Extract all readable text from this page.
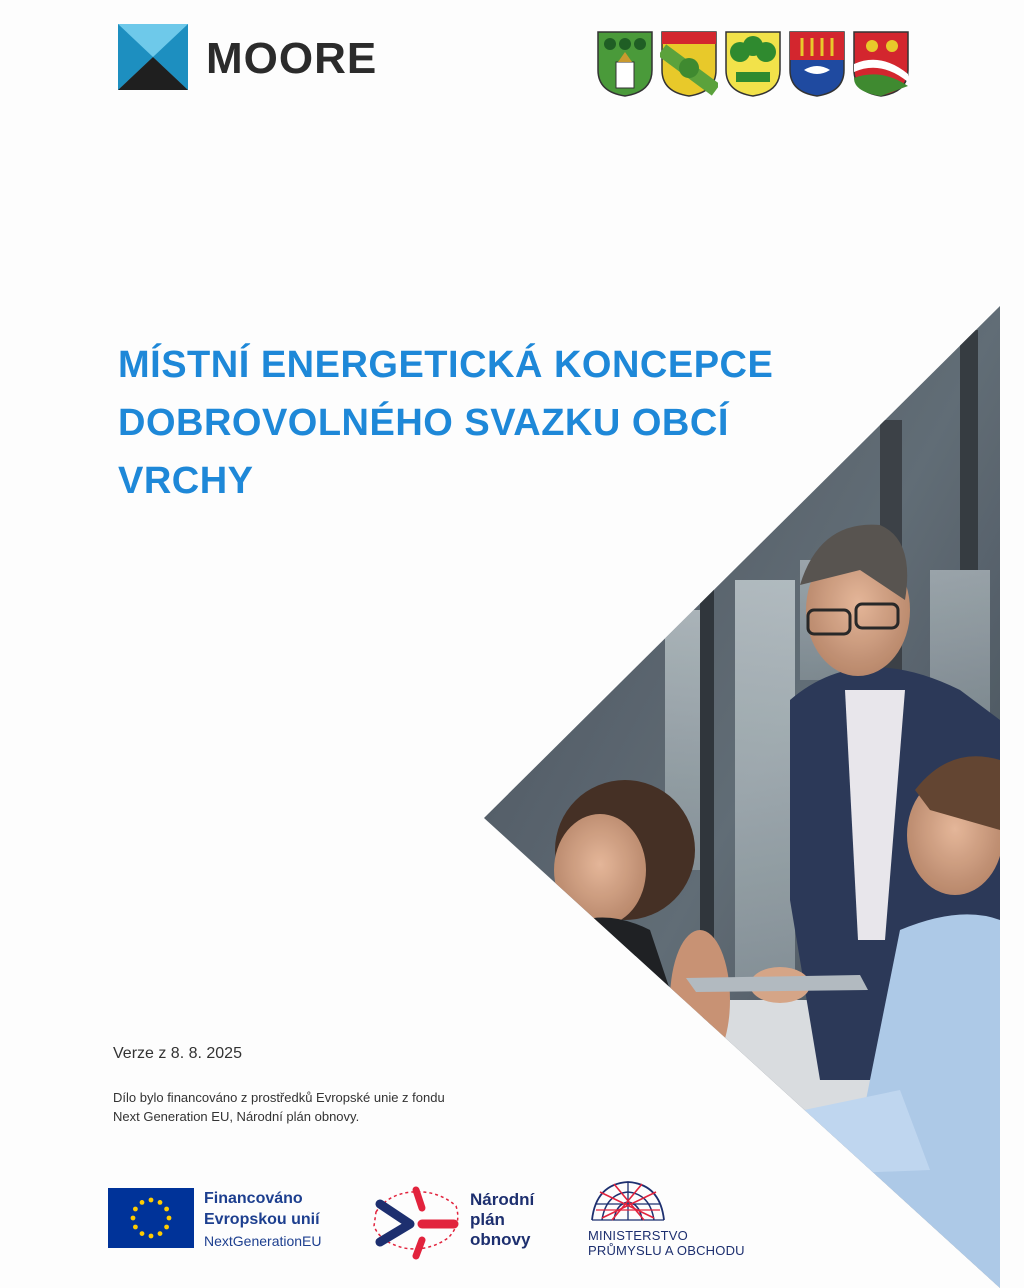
MOORE
MÍSTNÍ ENERGETICKÁ KONCEPCE
DOBROVOLNÉHO SVAZKU OBCÍ
VRCHY
Verze z 8. 8. 2025
Dílo bylo financováno z prostředků Evropské unie z fondu
Next Generation EU, Národní plán obnovy.
Financováno
Evropskou unií
NextGenerationEU
Národní
plán
obnovy	MINISTERSTVO
PRŮMYSLU A OBCHODU
